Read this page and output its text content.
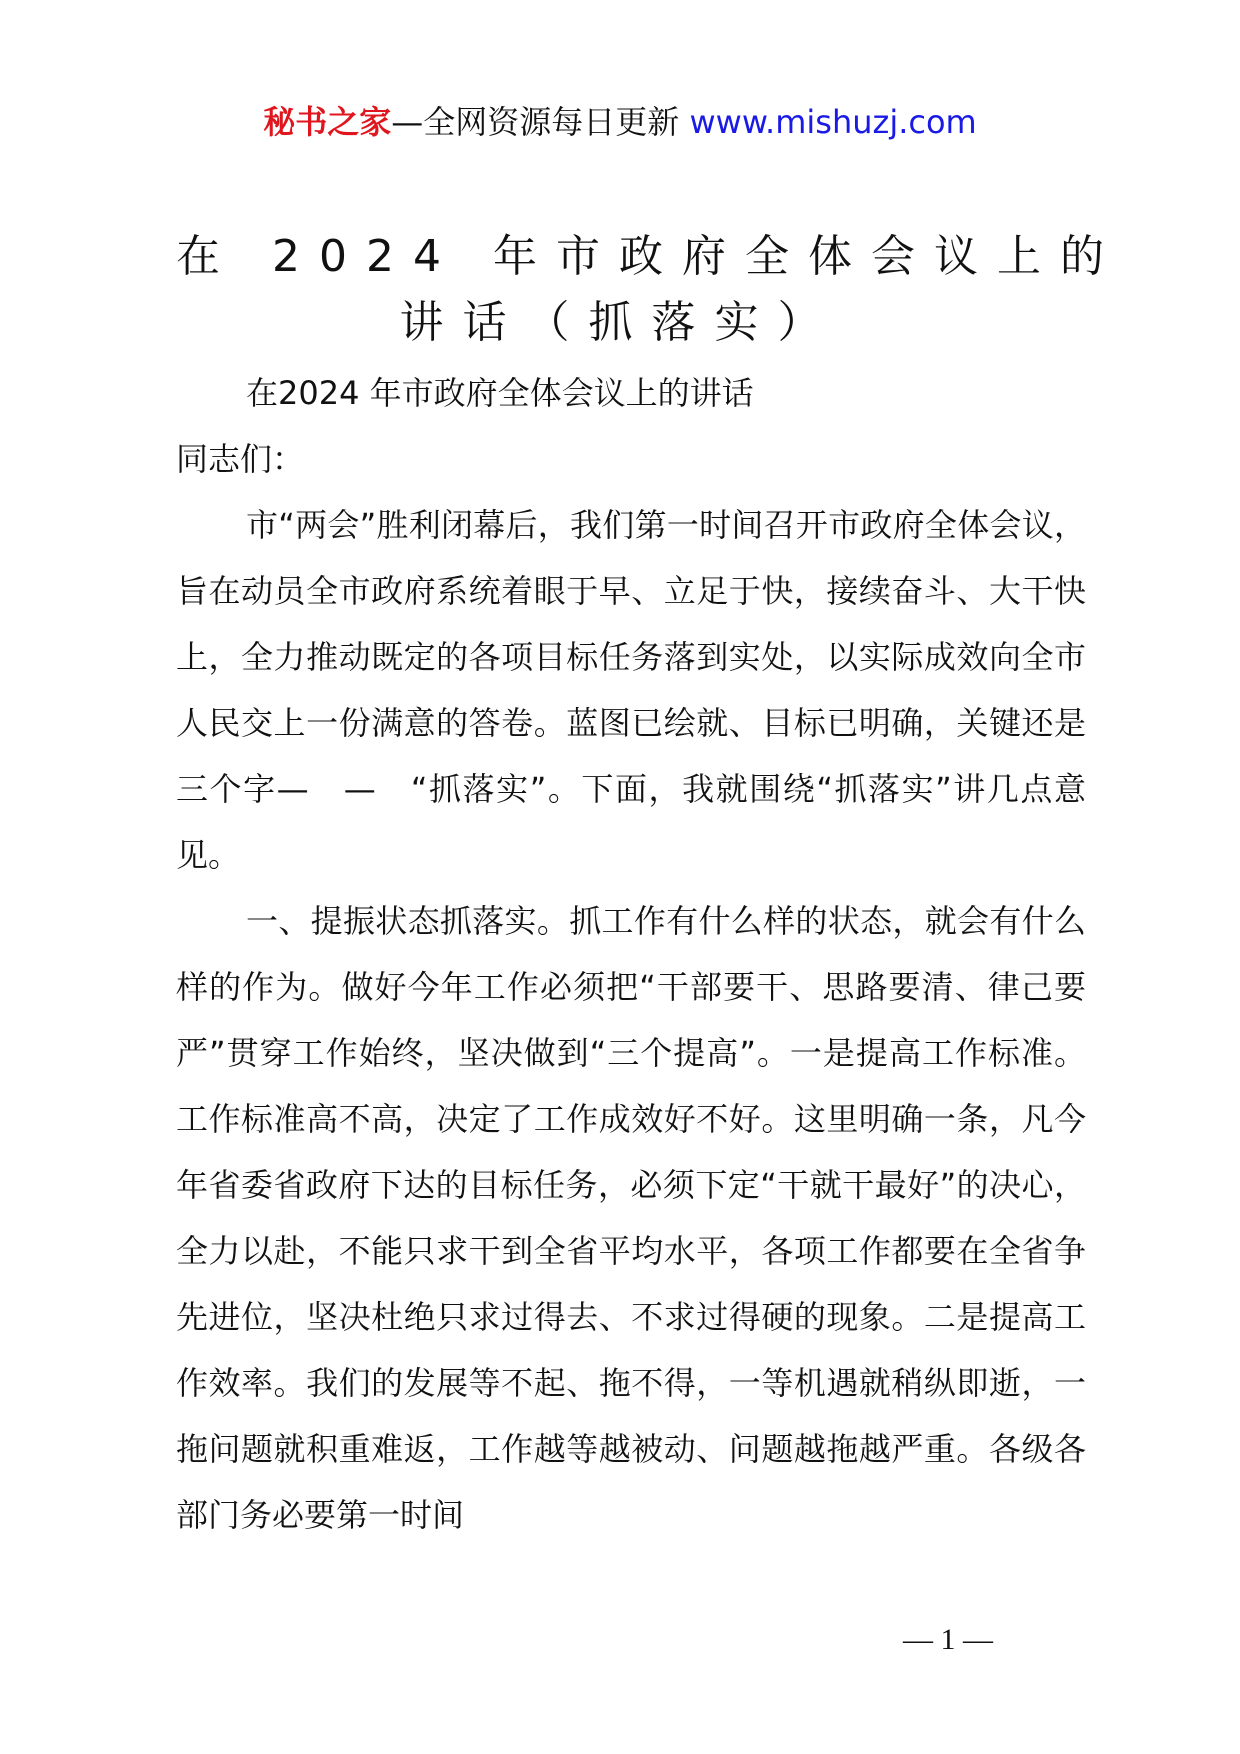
秘书之家—全网资源每日更新 www.mishuzj.com
在 2024 年市政府全体会议上的
讲话（抓落实）

在2024 年市政府全体会议上的讲话

同志们：

市“两会”胜利闭幕后，我们第一时间召开市政府全体会议，旨在动员全市政府系统着眼于早、立足于快，接续奋斗、大干快上，全力推动既定的各项目标任务落到实处，以实际成效向全市人民交上一份满意的答卷。蓝图已绘就、目标已明确，关键还是三个字—　—　“抓落实”。下面，我就围绕“抓落实”讲几点意见。

一、提振状态抓落实。抓工作有什么样的状态，就会有什么样的作为。做好今年工作必须把“干部要干、思路要清、律己要严”贯穿工作始终，坚决做到“三个提高”。一是提高工作标准。工作标准高不高，决定了工作成效好不好。这里明确一条，凡今年省委省政府下达的目标任务，必须下定“干就干最好”的决心，全力以赴，不能只求干到全省平均水平，各项工作都要在全省争先进位，坚决杜绝只求过得去、不求过得硬的现象。二是提高工作效率。我们的发展等不起、拖不得，一等机遇就稍纵即逝，一拖问题就积重难返，工作越等越被动、问题越拖越严重。各级各部门务必要第一时间

— 1 —
